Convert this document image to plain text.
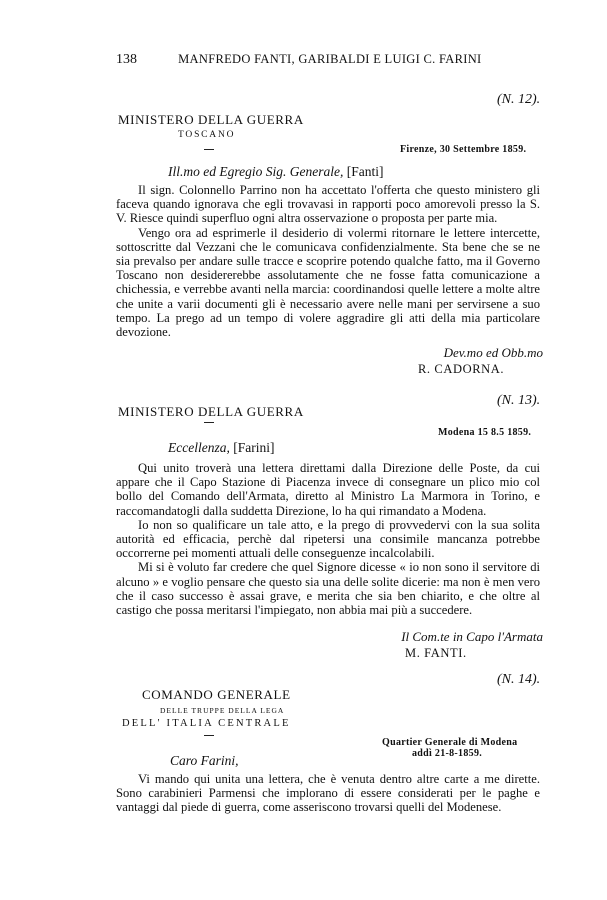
138	MANFREDO FANTI, GARIBALDI E LUIGI C. FARINI
(N. 12).
MINISTERO DELLA GUERRA
TOSCANO
Firenze, 30 Settembre 1859.
Ill.mo ed Egregio Sig. Generale, [Fanti]

Il sign. Colonnello Parrino non ha accettato l'offerta che questo ministero gli faceva quando ignorava che egli trovavasi in rapporti poco amorevoli presso la S. V. Riesce quindi superfluo ogni altra osservazione o proposta per parte mia.

Vengo ora ad esprimerle il desiderio di volermi ritornare le lettere intercette, sottoscritte dal Vezzani che le comunicava confidenzialmente. Sta bene che se ne sia prevalso per andare sulle tracce e scoprire potendo qualche fatto, ma il Governo Toscano non desidererebbe assolutamente che ne fosse fatta comunicazione a chichessia, e verrebbe avanti nella marcia: coordinandosi quelle lettere a molte altre che unite a varii documenti gli è necessario avere nelle mani per servirsene a suo tempo. La prego ad un tempo di volere aggradire gli atti della mia particolare devozione.

Dev.mo ed Obb.mo
R. CADORNA.
(N. 13).
MINISTERO DELLA GUERRA
Modena 15 8.5 1859.
Eccellenza, [Farini]

Qui unito troverà una lettera direttami dalla Direzione delle Poste, da cui appare che il Capo Stazione di Piacenza invece di consegnare un plico mio col bollo del Comando dell'Armata, diretto al Ministro La Marmora in Torino, e raccomandatogli dalla suddetta Direzione, lo ha qui rimandato a Modena.

Io non so qualificare un tale atto, e la prego di provvedervi con la sua solita autorità ed efficacia, perchè dal ripetersi una consimile mancanza potrebbe occorrerne pei momenti attuali delle conseguenze incalcolabili.

Mi si è voluto far credere che quel Signore dicesse « io non sono il servitore di alcuno » e voglio pensare che questo sia una delle solite dicerie: ma non è men vero che il caso successo è assai grave, e merita che sia ben chiarito, e che oltre al castigo che possa meritarsi l'impiegato, non abbia mai più a succedere.

Il Com.te in Capo l'Armata
M. FANTI.
(N. 14).
COMANDO GENERALE
DELLE TRUPPE DELLA LEGA
DELL' ITALIA CENTRALE
Quartier Generale di Modena
addì 21-8-1859.
Caro Farini,

Vi mando qui unita una lettera, che è venuta dentro altre carte a me dirette. Sono carabinieri Parmensi che implorano di essere considerati per le paghe e vantaggi dal piede di guerra, come asseriscono trovarsi quelli del Modenese.
